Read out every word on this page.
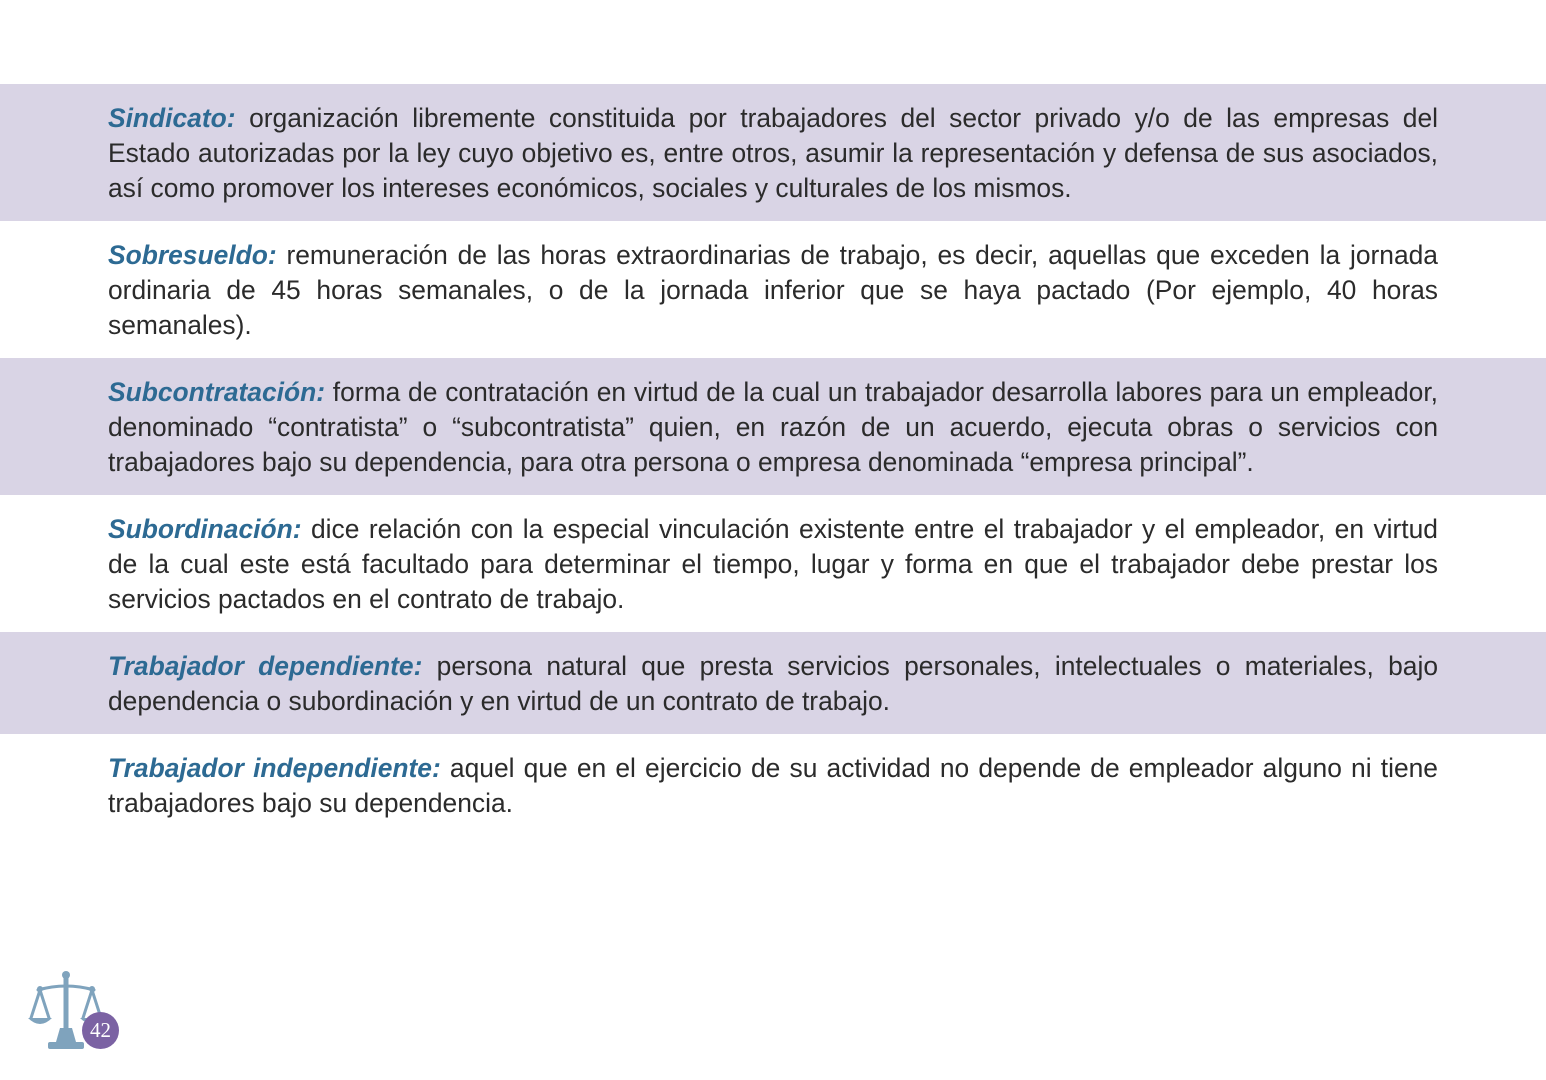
Sindicato: organización libremente constituida por trabajadores del sector privado y/o de las empresas del Estado autorizadas por la ley cuyo objetivo es, entre otros, asumir la representación y defensa de sus asociados, así como promover los intereses económicos, sociales y culturales de los mismos.
Sobresueldo: remuneración de las horas extraordinarias de trabajo, es decir, aquellas que exceden la jornada ordinaria de 45 horas semanales, o de la jornada inferior que se haya pactado (Por ejemplo, 40 horas semanales).
Subcontratación: forma de contratación en virtud de la cual un trabajador desarrolla labores para un empleador, denominado “contratista” o “subcontratista” quien, en razón de un acuerdo, ejecuta obras o servicios con trabajadores bajo su dependencia, para otra persona o empresa denominada “empresa principal”.
Subordinación: dice relación con la especial vinculación existente entre el trabajador y el empleador, en virtud de la cual este está facultado para determinar el tiempo, lugar y forma en que el trabajador debe prestar los servicios pactados en el contrato de trabajo.
Trabajador dependiente: persona natural que presta servicios personales, intelectuales o materiales, bajo dependencia o subordinación y en virtud de un contrato de trabajo.
Trabajador independiente: aquel que en el ejercicio de su actividad no depende de empleador alguno ni tiene trabajadores bajo su dependencia.
42
